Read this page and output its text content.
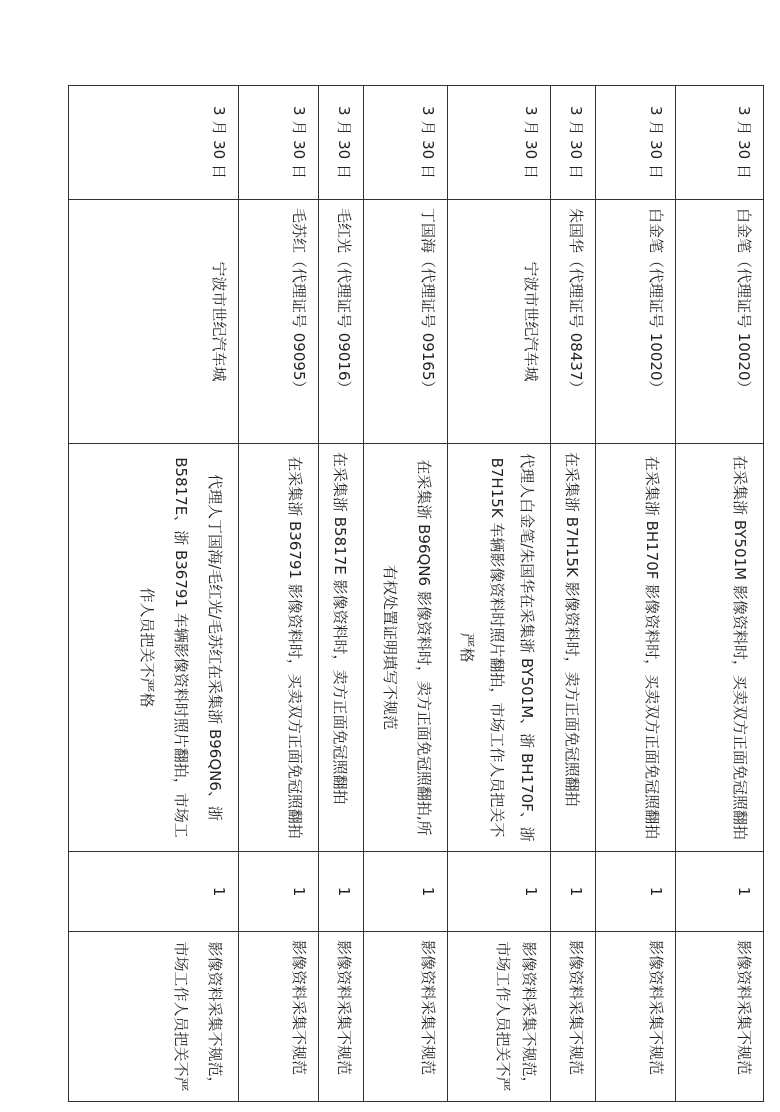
3 月 30 日	白金笔（代理证号 10020）	在采集浙 BY501M 影像资料时，买卖双方正面免冠照翻拍	1	影像资料采集不规范
3 月 30 日	白金笔（代理证号 10020）	在采集浙 BH170F 影像资料时，买卖双方正面免冠照翻拍	1	影像资料采集不规范
3 月 30 日	朱国华（代理证号 08437）	在采集浙 B7H15K 影像资料时，卖方正面免冠照翻拍	1	影像资料采集不规范
3 月 30 日	宁波市世纪汽车城	代理人白金笔/朱国华在采集浙 BY501M、浙 BH170F、浙 B7H15K 车辆影像资料时照片翻拍，市场工作人员把关不严格	1	影像资料采集不规范，市场工作人员把关不严
3 月 30 日	丁国海（代理证号 09165）	在采集浙 B96QN6 影像资料时，卖方正面免冠照翻拍,所有权处置证明填写不规范	1	影像资料采集不规范
3 月 30 日	毛红光（代理证号 09016）	在采集浙 B5817E 影像资料时，卖方正面免冠照翻拍	1	影像资料采集不规范
3 月 30 日	毛苏红（代理证号 09095）	在采集浙 B36791 影像资料时，买卖双方正面免冠照翻拍	1	影像资料采集不规范
3 月 30 日	宁波市世纪汽车城	代理人丁国海/毛红光/毛苏红在采集浙 B96QN6、浙 B5817E、浙 B36791 车辆影像资料时照片翻拍，市场工作人员把关不严格	1	影像资料采集不规范，市场工作人员把关不严
